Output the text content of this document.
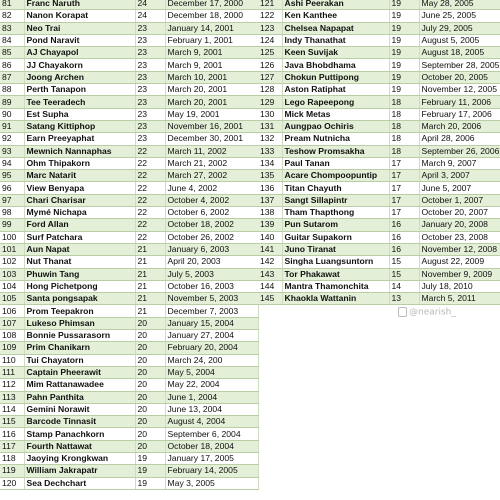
81	Franc Naruth	24	December 17, 2000
82	Nanon Korapat	24	December 18, 2000
83	Neo Trai	23	January 14, 2001
84	Pond Naravit	23	February 1, 2001
85	AJ Chayapol	23	March 9, 2001
86	JJ Chayakorn	23	March 9, 2001
87	Joong Archen	23	March 10, 2001
88	Perth Tanapon	23	March 20, 2001
89	Tee Teeradech	23	March 20, 2001
90	Est Supha	23	May 19, 2001
91	Satang Kittiphop	23	November 16, 2001
92	Earn Preeyaphat	23	December 30, 2001
93	Mewnich Nannaphas	22	March 11, 2002
94	Ohm Thipakorn	22	March 21, 2002
95	Marc Natarit	22	March 27, 2002
96	View Benyapa	22	June 4, 2002
97	Chari Charisar	22	October 4, 2002
98	Mymé Nichapa	22	October 6, 2002
99	Ford Allan	22	October 18, 2002
100	Surf Patchara	22	October 26, 2002
101	Aun Napat	21	January 6, 2003
102	Nut Thanat	21	April 20, 2003
103	Phuwin Tang	21	July 5, 2003
104	Hong Pichetpong	21	October 16, 2003
105	Santa pongsapak	21	November 5, 2003
106	Prom Teepakron	21	December 7, 2003
107	Lukeso Phimsan	20	January 15, 2004
108	Bonnie Pussarasorn	20	January 27, 2004
109	Prim Chanikarn	20	February 20, 2004
110	Tui Chayatorn	20	March 24, 200
111	Captain Pheerawit	20	May 5, 2004
112	Mim Rattanawadee	20	May 22, 2004
113	Pahn Panthita	20	June 1, 2004
114	Gemini Norawit	20	June 13, 2004
115	Barcode Tinnasit	20	August 4, 2004
116	Stamp Panachkorn	20	September 6, 2004
117	Fourth Nattawat	20	October 18, 2004
118	Jaoying Krongkwan	19	January 17, 2005
119	William Jakrapatr	19	February 14, 2005
120	Sea Dechchart	19	May 3, 2005
121	Ashi Peerakan	19	May 28, 2005
122	Ken Kanthee	19	June 25, 2005
123	Chelsea Napapat	19	July 29, 2005
124	Indy Thanathat	19	August 5, 2005
125	Keen Suvijak	19	August 18, 2005
126	Java Bhobdhama	19	September 28, 2005
127	Chokun Puttipong	19	October 20, 2005
128	Aston Ratiphat	19	November 12, 2005
129	Lego Rapeepong	18	February 11, 2006
130	Mick Metas	18	February 17, 2006
131	Aungpao Ochiris	18	March 20, 2006
132	Pream Nutnicha	18	April 28, 2006
133	Teshow Promsakha	18	September 26, 2006
134	Paul Tanan	17	March 9, 2007
135	Acare Chompoopuntip	17	April 3, 2007
136	Titan Chayuth	17	June 5, 2007
137	Sangt Sillapintr	17	October 1, 2007
138	Tham Thapthong	17	October 20, 2007
139	Pun Sutarom	16	January 20, 2008
140	Guitar Supakorn	16	October 23, 2008
141	Juno Tiranat	16	November 12, 2008
142	Singha Luangsuntorn	15	August 22, 2009
143	Tor Phakawat	15	November 9, 2009
144	Mantra Thamonchita	14	July 18, 2010
145	Khaokla Wattanin	13	March 5, 2011
@nearish_
